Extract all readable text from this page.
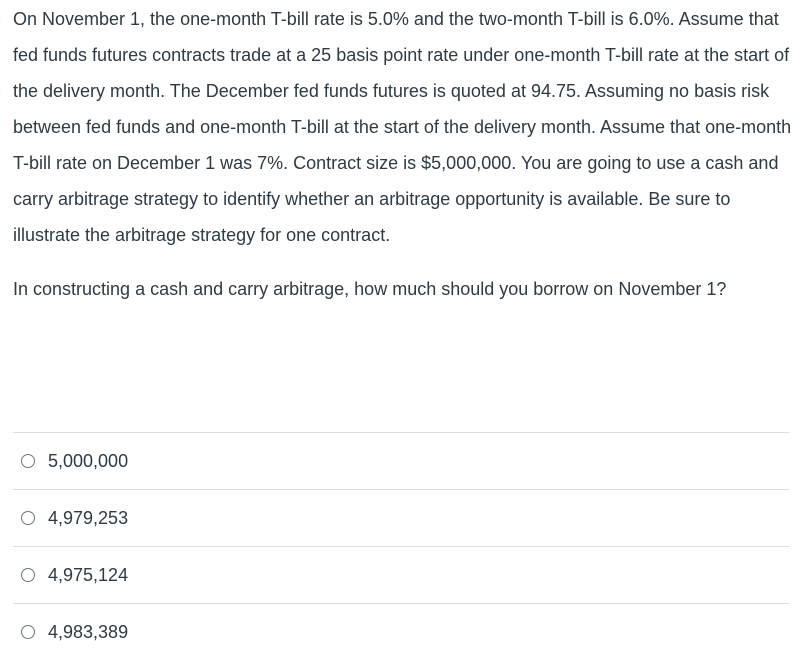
On November 1, the one-month T-bill rate is 5.0% and the two-month T-bill is 6.0%. Assume that fed funds futures contracts trade at a 25 basis point rate under one-month T-bill rate at the start of the delivery month. The December fed funds futures is quoted at 94.75. Assuming no basis risk between fed funds and one-month T-bill at the start of the delivery month. Assume that one-month T-bill rate on December 1 was 7%. Contract size is $5,000,000. You are going to use a cash and carry arbitrage strategy to identify whether an arbitrage opportunity is available. Be sure to illustrate the arbitrage strategy for one contract.

In constructing a cash and carry arbitrage, how much should you borrow on November 1?
5,000,000
4,979,253
4,975,124
4,983,389
